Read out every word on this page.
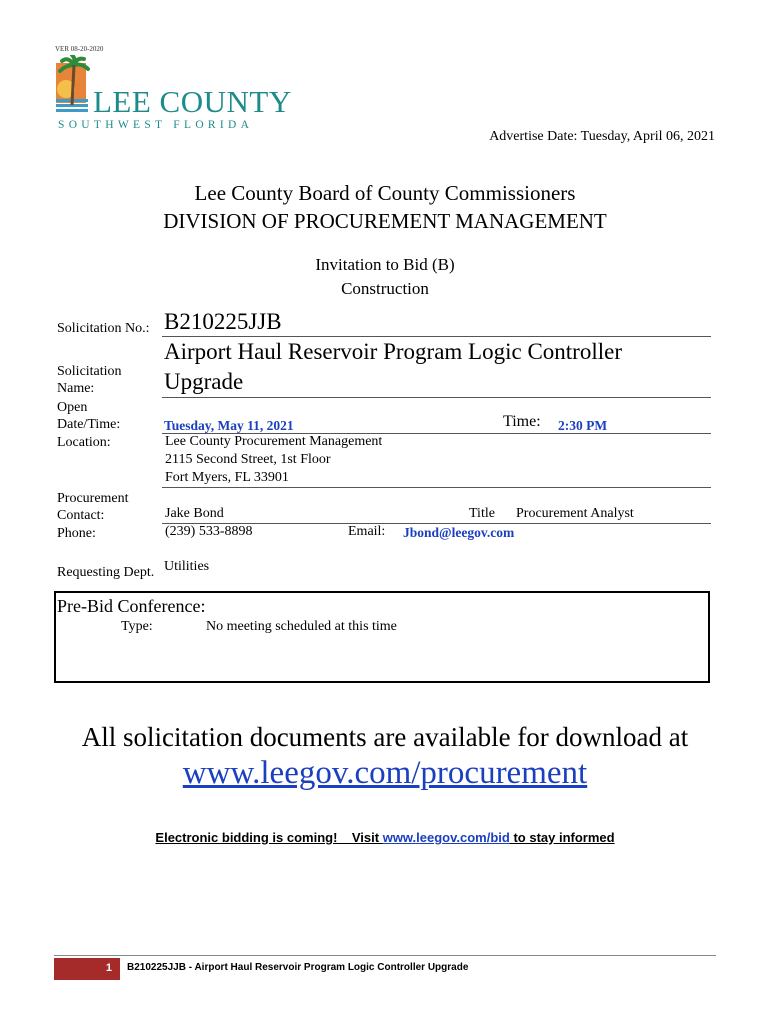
VER 08-20-2020
LEE COUNTY
SOUTHWEST FLORIDA
Advertise Date: Tuesday, April 06, 2021
Lee County Board of County Commissioners
DIVISION OF PROCUREMENT MANAGEMENT
Invitation to Bid (B)
Construction
Solicitation No.: B210225JJB
Solicitation
Name:
Airport Haul Reservoir Program Logic Controller
Upgrade
Open
Date/Time:	Tuesday, May 11, 2021	Time: 2:30 PM
Location:	Lee County Procurement Management
2115 Second Street, 1st Floor
Fort Myers, FL 33901
Procurement
Contact:	Jake Bond	Title Procurement Analyst
Phone:	(239) 533-8898	Email: Jbond@leegov.com
Requesting Dept. Utilities
Pre-Bid Conference:
Type:	No meeting scheduled at this time
All solicitation documents are available for download at
www.leegov.com/procurement
Electronic bidding is coming!    Visit www.leegov.com/bid to stay informed
1 B210225JJB - Airport Haul Reservoir Program Logic Controller Upgrade
